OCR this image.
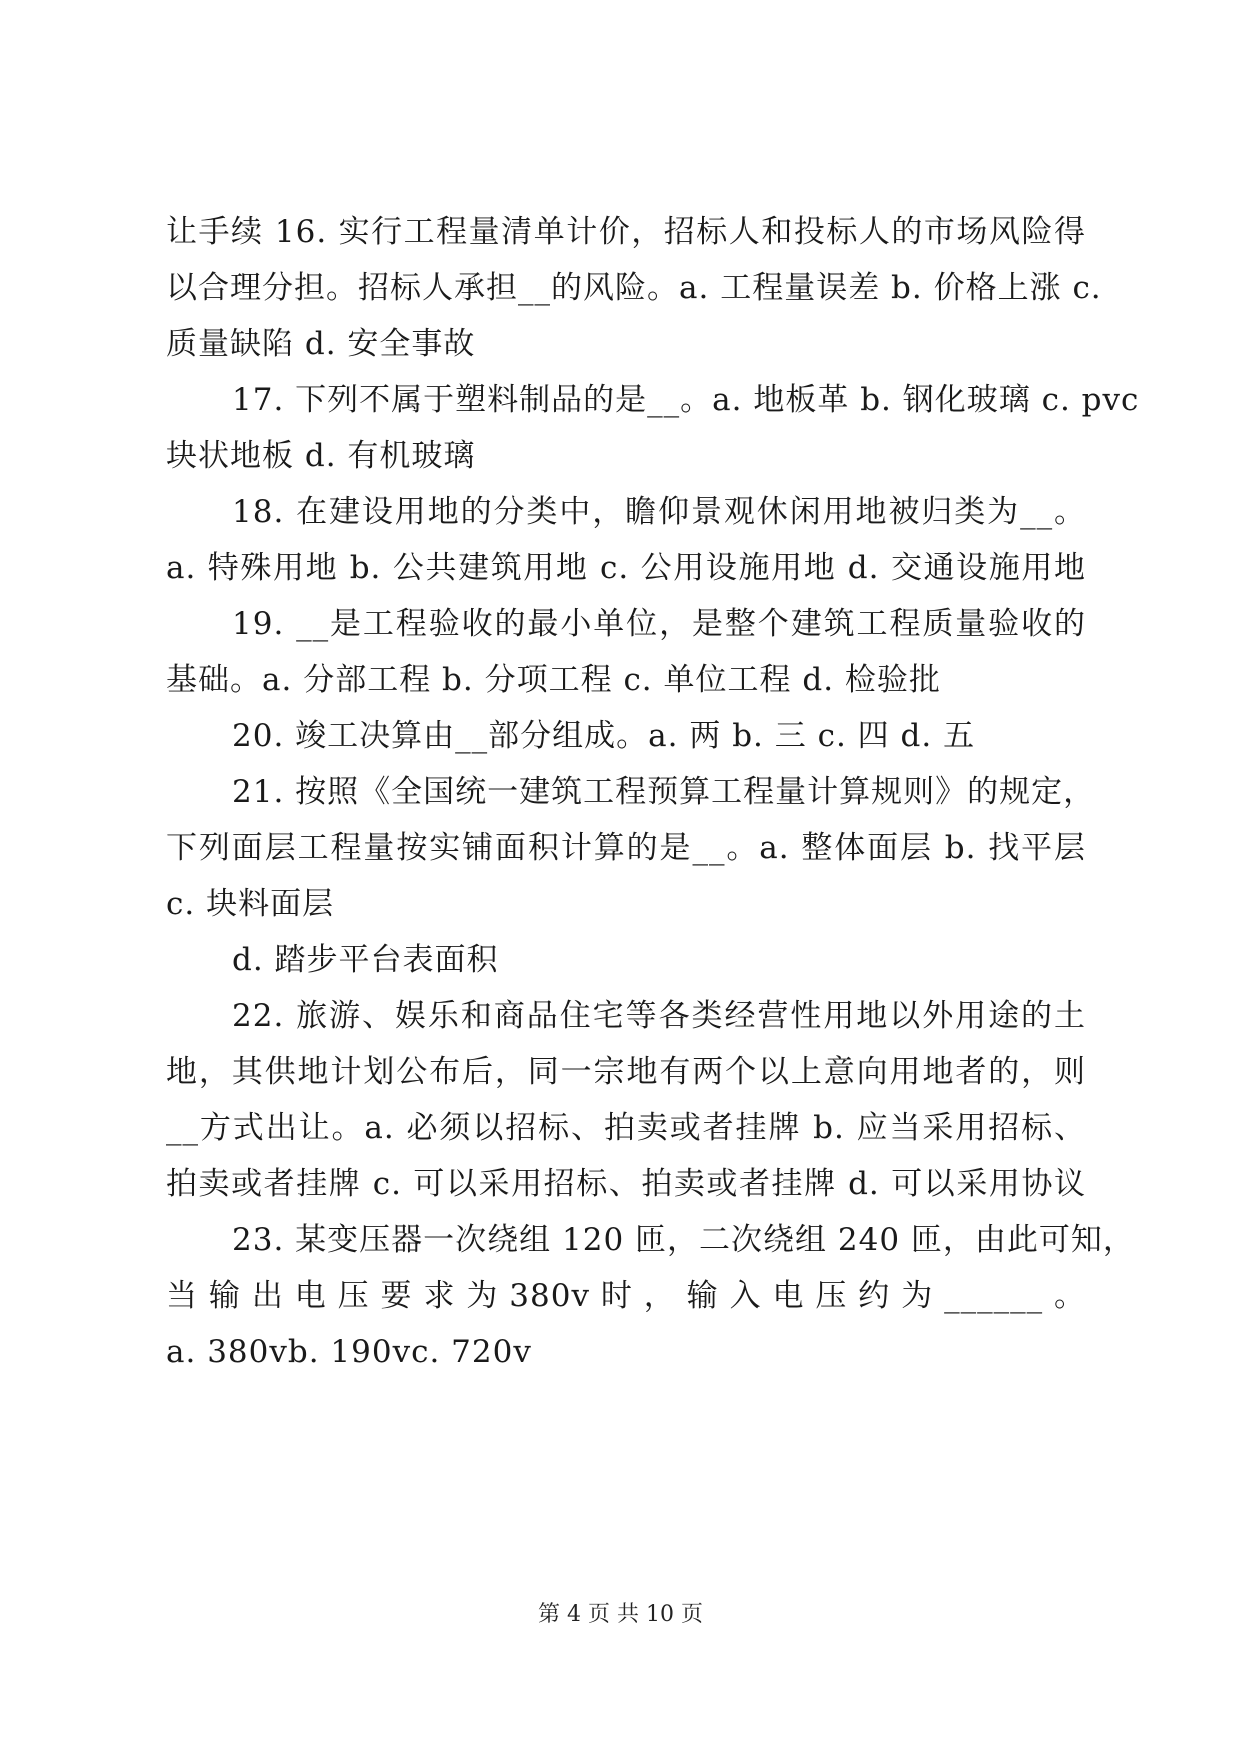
让手续 16. 实行工程量清单计价，招标人和投标人的市场风险得
以合理分担。招标人承担__的风险。a. 工程量误差 b. 价格上涨 c.
质量缺陷 d. 安全事故
17. 下列不属于塑料制品的是__。a. 地板革 b. 钢化玻璃 c. pvc
块状地板 d. 有机玻璃
18. 在建设用地的分类中，瞻仰景观休闲用地被归类为__。
a. 特殊用地 b. 公共建筑用地 c. 公用设施用地 d. 交通设施用地
19. __是工程验收的最小单位，是整个建筑工程质量验收的
基础。a. 分部工程 b. 分项工程 c. 单位工程 d. 检验批
20. 竣工决算由__部分组成。a. 两 b. 三 c. 四 d. 五
21. 按照《全国统一建筑工程预算工程量计算规则》的规定，
下列面层工程量按实铺面积计算的是__。a. 整体面层 b. 找平层
c. 块料面层
d. 踏步平台表面积
22. 旅游、娱乐和商品住宅等各类经营性用地以外用途的土
地，其供地计划公布后，同一宗地有两个以上意向用地者的，则
__方式出让。a. 必须以招标、拍卖或者挂牌 b. 应当采用招标、
拍卖或者挂牌 c. 可以采用招标、拍卖或者挂牌 d. 可以采用协议
23. 某变压器一次绕组 120 匝，二次绕组 240 匝，由此可知，
当 输 出 电 压 要 求 为 380v 时 ， 输 入 电 压 约 为 ______ 。
a. 380vb. 190vc. 720v
第 4 页 共 10 页
